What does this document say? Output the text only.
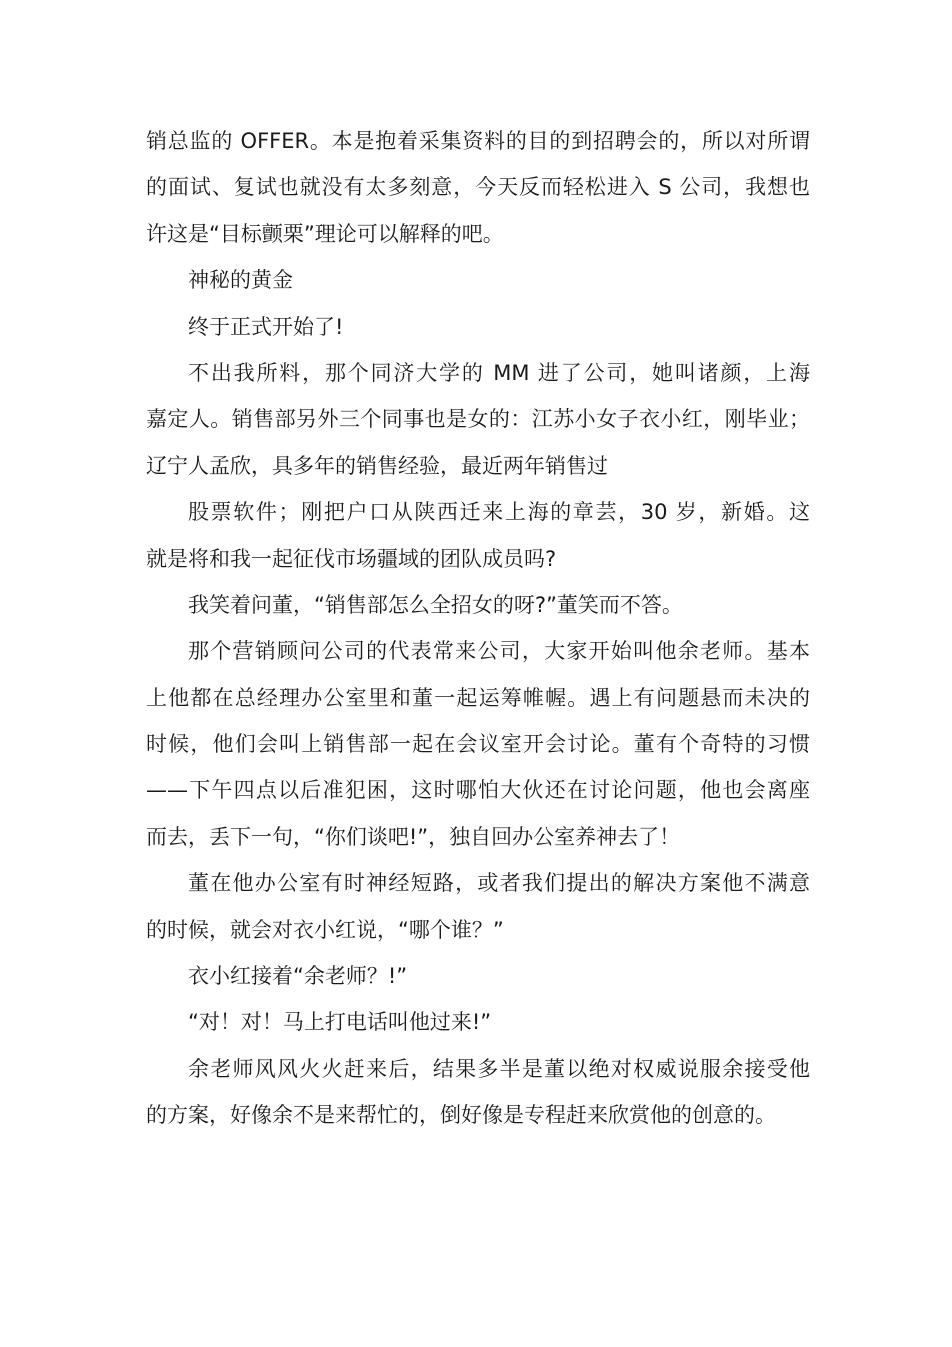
销总监的 OFFER。本是抱着采集资料的目的到招聘会的，所以对所谓
的面试、复试也就没有太多刻意，今天反而轻松进入 S 公司，我想也
许这是“目标颤栗”理论可以解释的吧。
神秘的黄金
终于正式开始了!
不出我所料，那个同济大学的 MM 进了公司，她叫诸颜，上海
嘉定人。销售部另外三个同事也是女的：江苏小女子衣小红，刚毕业；
辽宁人孟欣，具多年的销售经验，最近两年销售过
股票软件；刚把户口从陕西迁来上海的章芸，30 岁，新婚。这
就是将和我一起征伐市场疆域的团队成员吗?
我笑着问董，“销售部怎么全招女的呀?”董笑而不答。
那个营销顾问公司的代表常来公司，大家开始叫他余老师。基本
上他都在总经理办公室里和董一起运筹帷幄。遇上有问题悬而未决的
时候，他们会叫上销售部一起在会议室开会讨论。董有个奇特的习惯
——下午四点以后准犯困，这时哪怕大伙还在讨论问题，他也会离座
而去，丢下一句，“你们谈吧!”，独自回办公室养神去了！
董在他办公室有时神经短路，或者我们提出的解决方案他不满意
的时候，就会对衣小红说，“哪个谁？”
衣小红接着“余老师？!”
“对！对！马上打电话叫他过来!”
余老师风风火火赶来后，结果多半是董以绝对权威说服余接受他
的方案，好像余不是来帮忙的，倒好像是专程赶来欣赏他的创意的。
